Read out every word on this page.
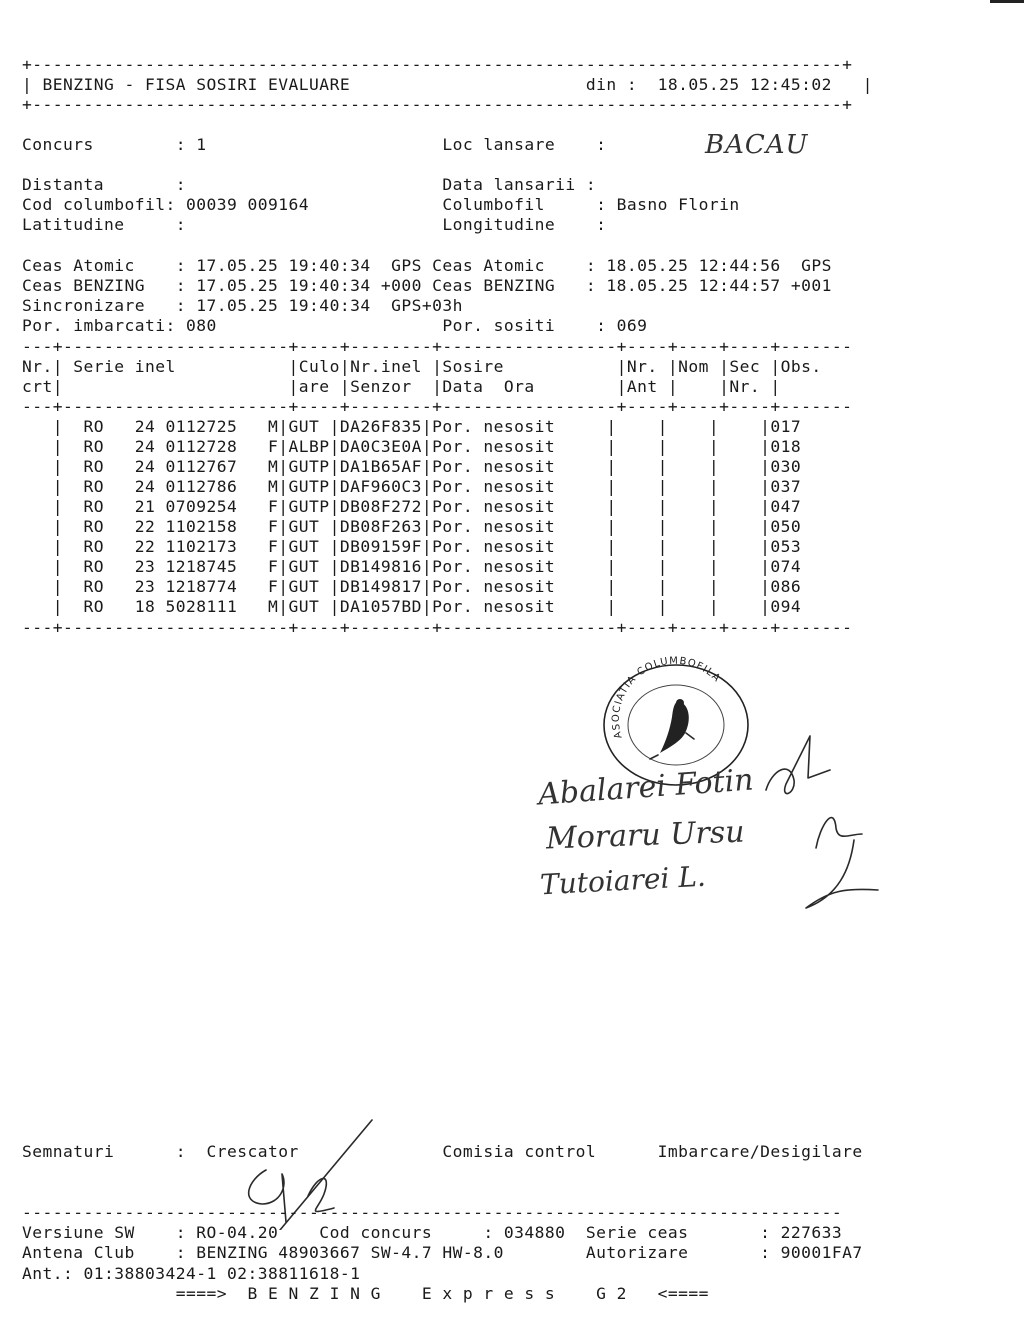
+-------------------------------------------------------------------------------+
| BENZING - FISA SOSIRI EVALUARE                       din :  18.05.25 12:45:02   |
+-------------------------------------------------------------------------------+
Concurs        : 1                       Loc lansare    :
Distanta       :                         Data lansarii :
Cod columbofil: 00039 009164             Columbofil     : Basno Florin
Latitudine     :                         Longitudine    :
Ceas Atomic    : 17.05.25 19:40:34  GPS Ceas Atomic    : 18.05.25 12:44:56  GPS
Ceas BENZING   : 17.05.25 19:40:34 +000 Ceas BENZING   : 18.05.25 12:44:57 +001
Sincronizare   : 17.05.25 19:40:34  GPS+03h
Por. imbarcati: 080                      Por. sositi    : 069
BACAU
---+----------------------+----+--------+-----------------+----+----+----+-------
Nr.| Serie inel           |Culo|Nr.inel |Sosire           |Nr. |Nom |Sec |Obs.
crt|                      |are |Senzor  |Data  Ora        |Ant |    |Nr. |
---+----------------------+----+--------+-----------------+----+----+----+-------
|  RO   24 0112725   M|GUT |DA26F835|Por. nesosit     |    |    |    |017
|  RO   24 0112728   F|ALBP|DA0C3E0A|Por. nesosit     |    |    |    |018
|  RO   24 0112767   M|GUTP|DA1B65AF|Por. nesosit     |    |    |    |030
|  RO   24 0112786   M|GUTP|DAF960C3|Por. nesosit     |    |    |    |037
|  RO   21 0709254   F|GUTP|DB08F272|Por. nesosit     |    |    |    |047
|  RO   22 1102158   F|GUT |DB08F263|Por. nesosit     |    |    |    |050
|  RO   22 1102173   F|GUT |DB09159F|Por. nesosit     |    |    |    |053
|  RO   23 1218745   F|GUT |DB149816|Por. nesosit     |    |    |    |074
|  RO   23 1218774   F|GUT |DB149817|Por. nesosit     |    |    |    |086
|  RO   18 5028111   M|GUT |DA1057BD|Por. nesosit     |    |    |    |094
---+----------------------+----+--------+-----------------+----+----+----+-------
ASOCIATIA COLUMBOFILA
Abalarei Fotin
Moraru Ursu
Tutoiarei L.
Semnaturi      :  Crescator              Comisia control      Imbarcare/Desigilare
--------------------------------------------------------------------------------
Versiune SW    : RO-04.20    Cod concurs     : 034880  Serie ceas       : 227633
Antena Club    : BENZING 48903667 SW-4.7 HW-8.0        Autorizare       : 90001FA7
Ant.: 01:38803424-1 02:38811618-1
====>  B E N Z I N G    E x p r e s s    G 2   <====
